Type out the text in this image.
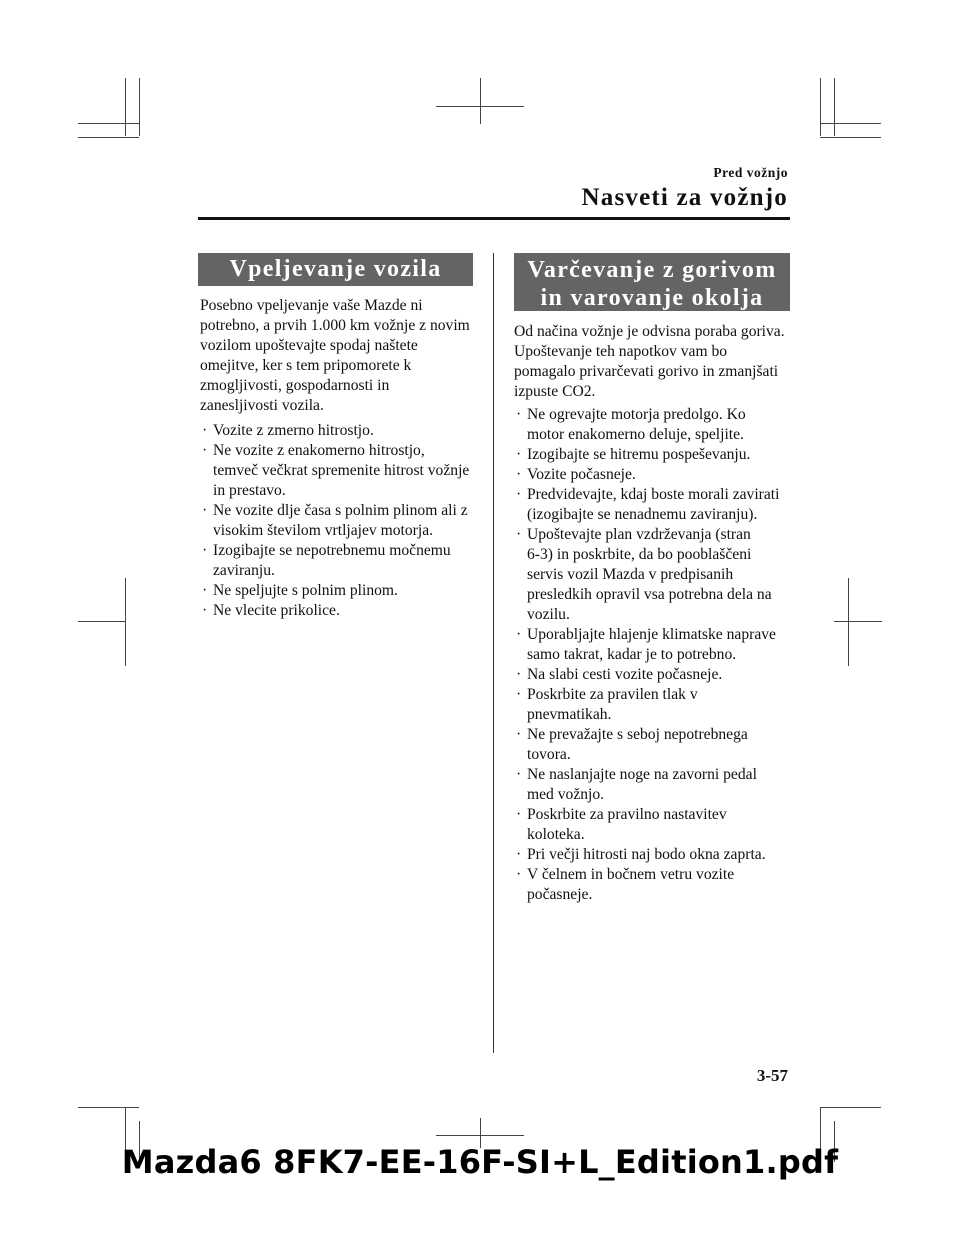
Pred vožnjo
Nasveti za vožnjo
Vpeljevanje vozila
Posebno vpeljevanje vaše Mazde ni
potrebno, a prvih 1.000 km vožnje z novim
vozilom upoštevajte spodaj naštete
omejitve, ker s tem pripomorete k
zmogljivosti, gospodarnosti in
zanesljivosti vozila.
· Vozite z zmerno hitrostjo.
· Ne vozite z enakomerno hitrostjo,
temveč večkrat spremenite hitrost vožnje
in prestavo.
· Ne vozite dlje časa s polnim plinom ali z
visokim številom vrtljajev motorja.
· Izogibajte se nepotrebnemu močnemu
zaviranju.
· Ne speljujte s polnim plinom.
· Ne vlecite prikolice.
Varčevanje z gorivom in varovanje okolja
Od načina vožnje je odvisna poraba goriva.
Upoštevanje teh napotkov vam bo
pomagalo privarčevati gorivo in zmanjšati
izpuste CO2.
· Ne ogrevajte motorja predolgo. Ko
motor enakomerno deluje, speljite.
· Izogibajte se hitremu pospeševanju.
· Vozite počasneje.
· Predvidevajte, kdaj boste morali zavirati
(izogibajte se nenadnemu zaviranju).
· Upoštevajte plan vzdrževanja (stran
6-3) in poskrbite, da bo pooblaščeni
servis vozil Mazda v predpisanih
presledkih opravil vsa potrebna dela na
vozilu.
· Uporabljajte hlajenje klimatske naprave
samo takrat, kadar je to potrebno.
· Na slabi cesti vozite počasneje.
· Poskrbite za pravilen tlak v
pnevmatikah.
· Ne prevažajte s seboj nepotrebnega
tovora.
· Ne naslanjajte noge na zavorni pedal
med vožnjo.
· Poskrbite za pravilno nastavitev
koloteka.
· Pri večji hitrosti naj bodo okna zaprta.
· V čelnem in bočnem vetru vozite
počasneje.
3-57
Mazda6 8FK7-EE-16F-SI+L_Edition1.pdf
